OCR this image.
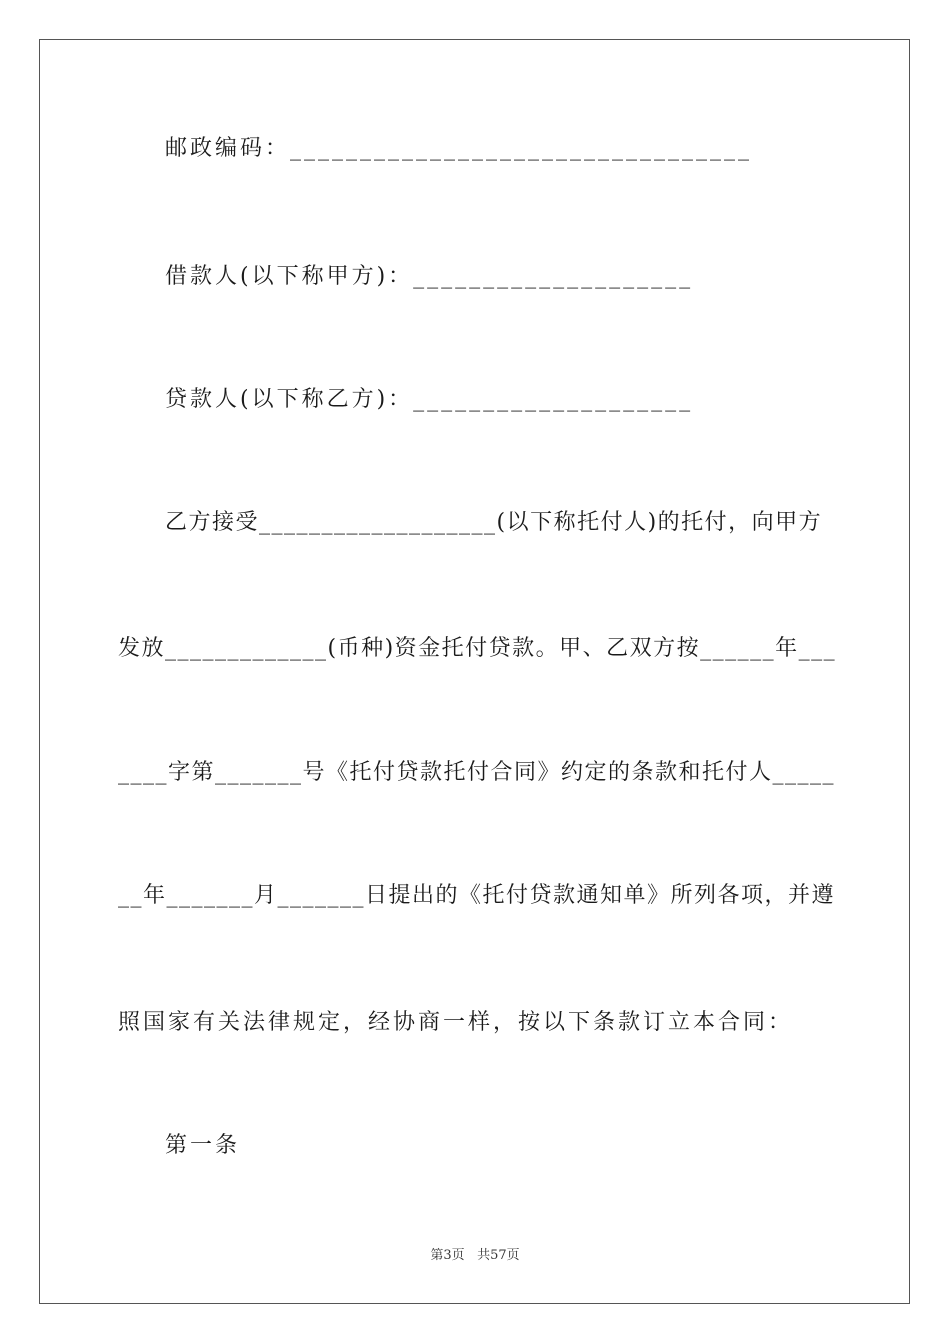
邮政编码：_________________________________
借款人(以下称甲方)：____________________
贷款人(以下称乙方)：____________________
乙方接受___________________(以下称托付人)的托付，向甲方
发放_____________(币种)资金托付贷款。甲、乙双方按______年___
____字第_______号《托付贷款托付合同》约定的条款和托付人_____
__年_______月_______日提出的《托付贷款通知单》所列各项，并遵
照国家有关法律规定，经协商一样，按以下条款订立本合同：
第一条
第3页 共57页
